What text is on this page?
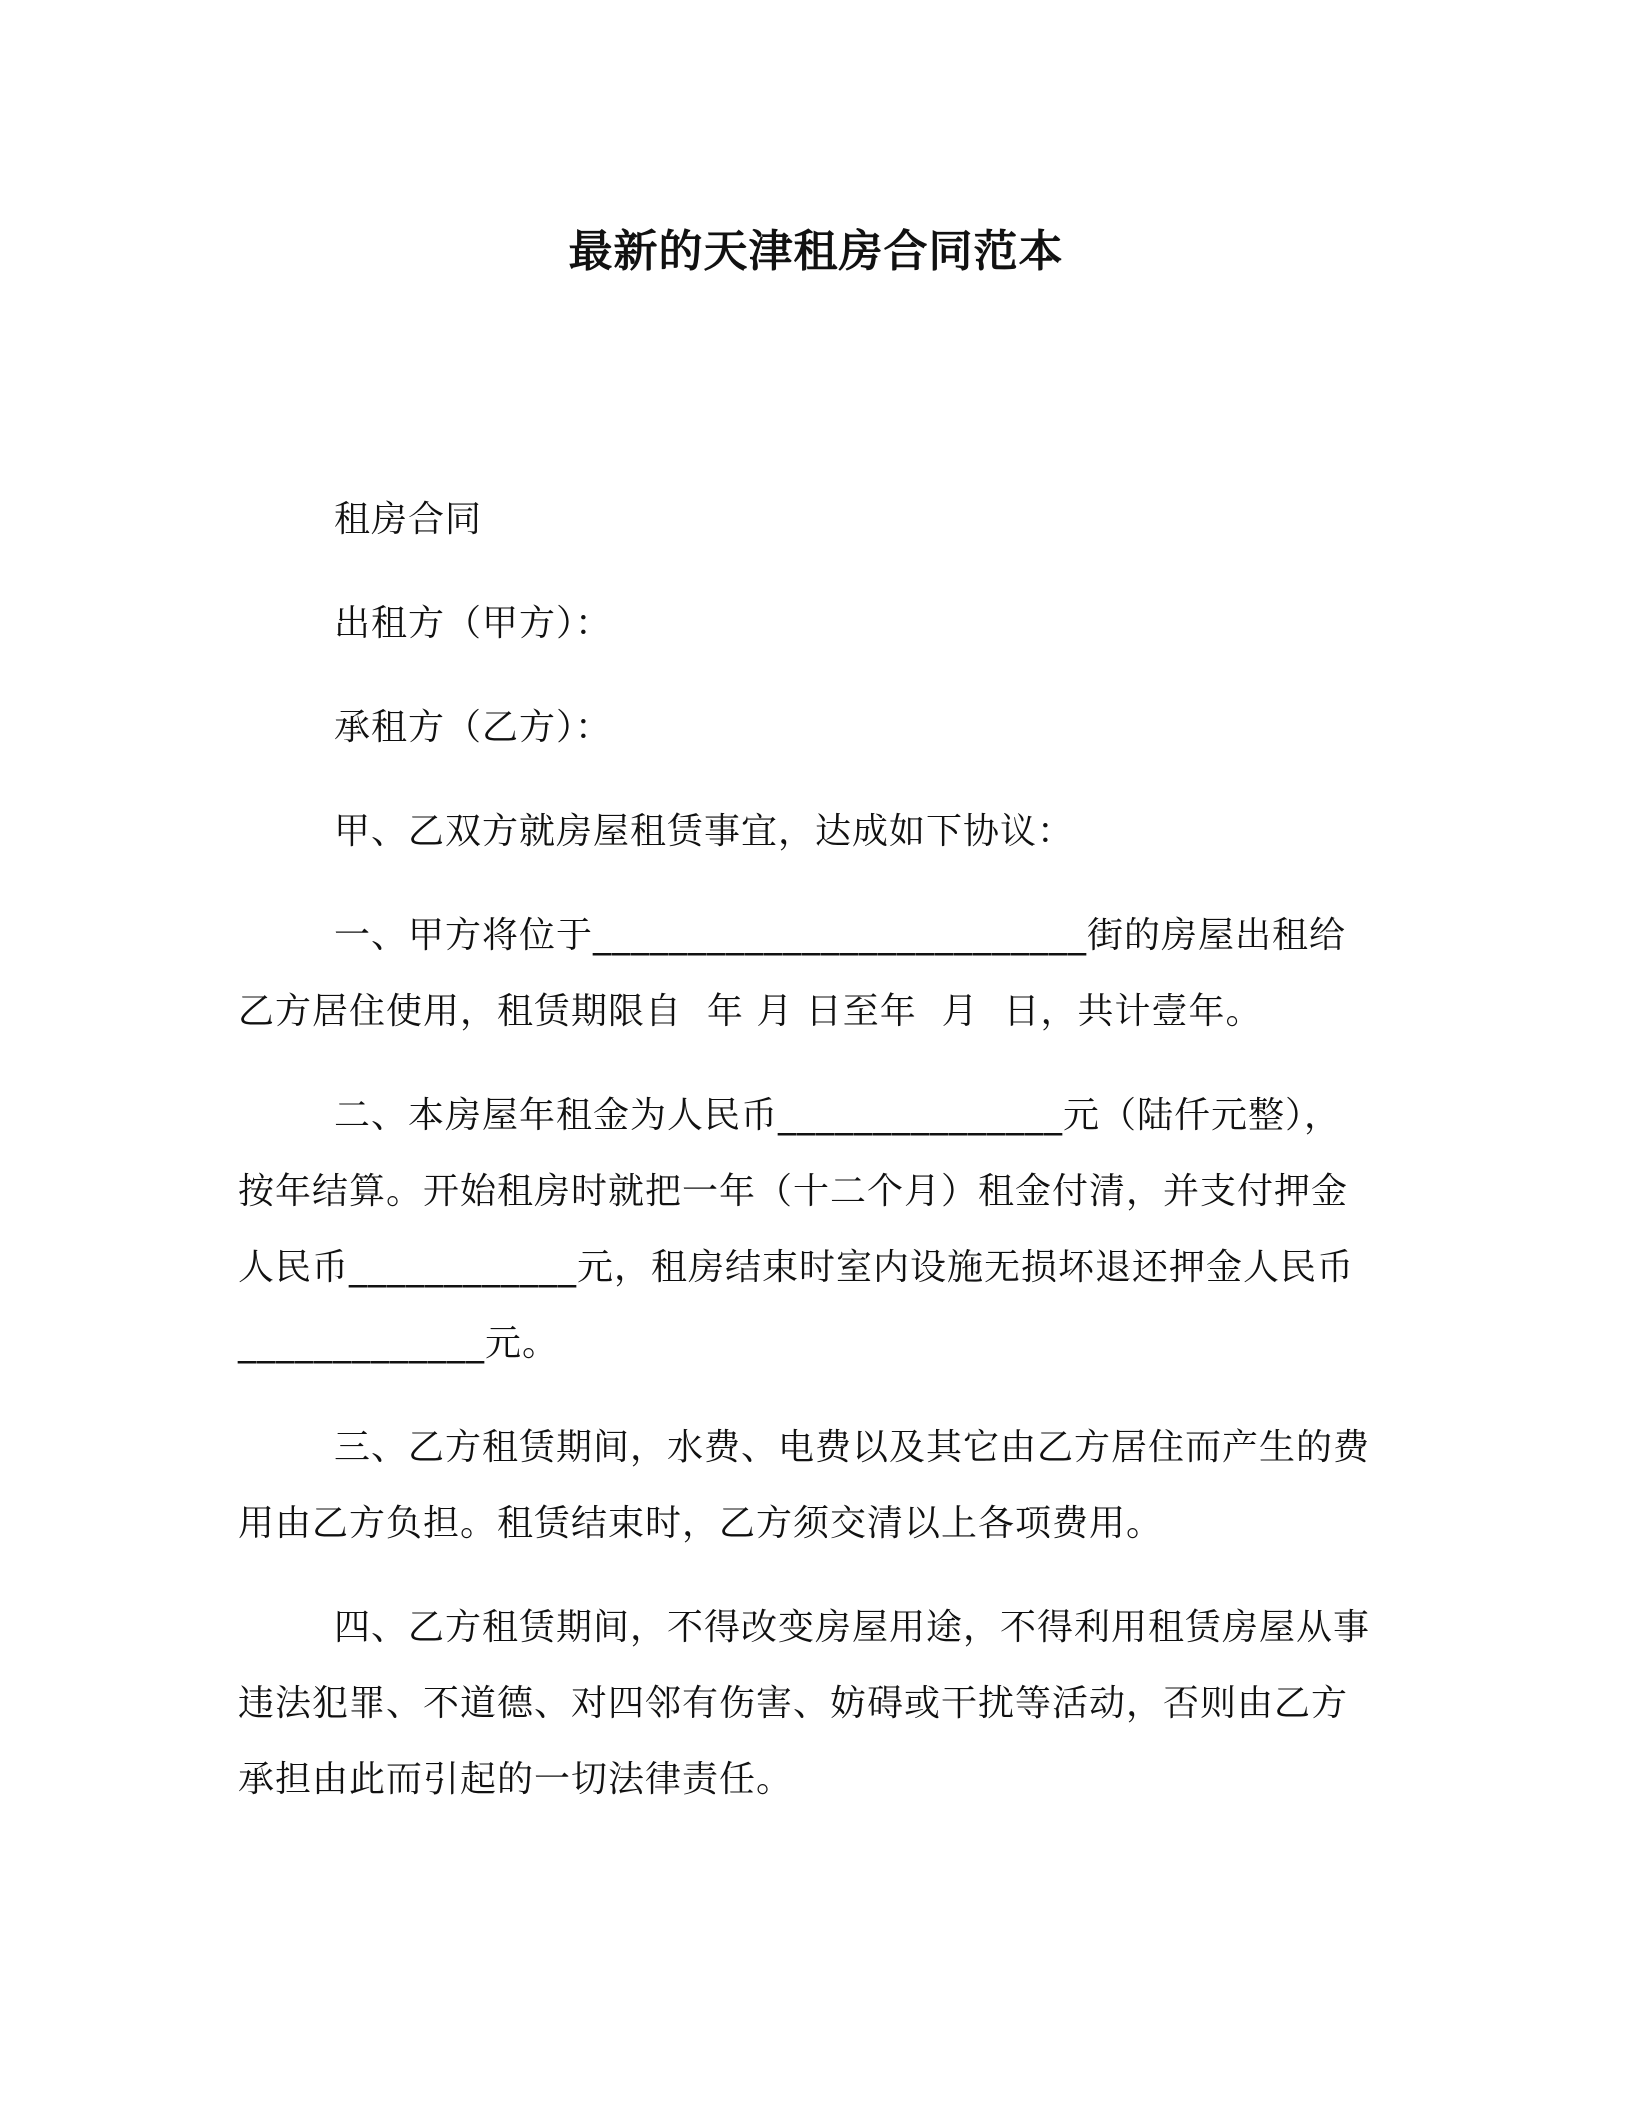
最新的天津租房合同范本
租房合同
出租方（甲方）：
承租方（乙方）：
甲、乙双方就房屋租赁事宜，达成如下协议：
一、甲方将位于__________________________街的房屋出租给
乙方居住使用，租赁期限自  年 月 日至年  月  日，共计壹年。
二、本房屋年租金为人民币_______________元（陆仟元整），
按年结算。开始租房时就把一年（十二个月）租金付清，并支付押金
人民币____________元，租房结束时室内设施无损坏退还押金人民币
_____________元。
三、乙方租赁期间，水费、电费以及其它由乙方居住而产生的费
用由乙方负担。租赁结束时，乙方须交清以上各项费用。
四、乙方租赁期间，不得改变房屋用途，不得利用租赁房屋从事
违法犯罪、不道德、对四邻有伤害、妨碍或干扰等活动，否则由乙方
承担由此而引起的一切法律责任。
